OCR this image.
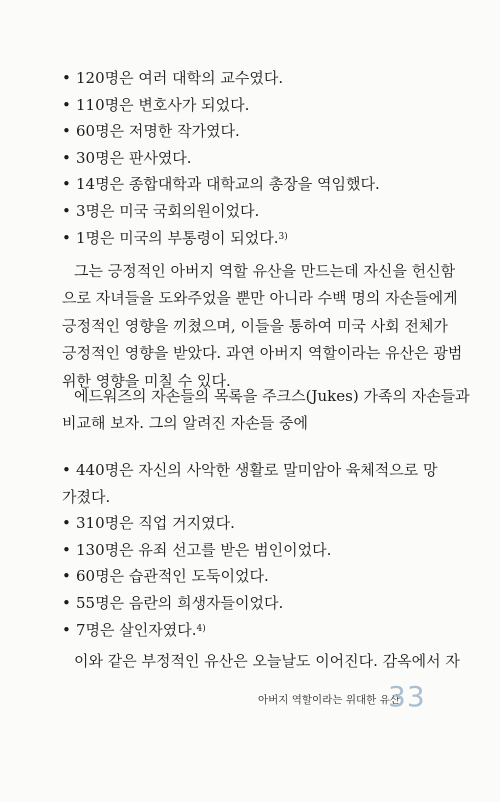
• 120명은 여러 대학의 교수였다.
• 110명은 변호사가 되었다.
• 60명은 저명한 작가였다.
• 30명은 판사였다.
• 14명은 종합대학과 대학교의 총장을 역임했다.
• 3명은 미국 국회의원이었다.
• 1명은 미국의 부통령이 되었다.$^{3)}$

그는 긍정적인 아버지 역할 유산을 만드는데 자신을 헌신함
으로 자녀들을 도와주었을 뿐만 아니라 수백 명의 자손들에게
긍정적인 영향을 끼쳤으며, 이들을 통하여 미국 사회 전체가
긍정적인 영향을 받았다. 과연 아버지 역할이라는 유산은 광범
위한 영향을 미칠 수 있다.

에드워즈의 자손들의 목록을 주크스(Jukes) 가족의 자손들과
비교해 보자. 그의 알려진 자손들 중에

• 440명은 자신의 사악한 생활로 말미암아 육체적으로 망
가졌다.
• 310명은 직업 거지였다.
• 130명은 유죄 선고를 받은 범인이었다.
• 60명은 습관적인 도둑이었다.
• 55명은 음란의 희생자들이었다.
• 7명은 살인자였다.$^{4)}$

이와 같은 부정적인 유산은 오늘날도 이어진다. 감옥에서 자

아버지 역할이라는 위대한 유산
33
